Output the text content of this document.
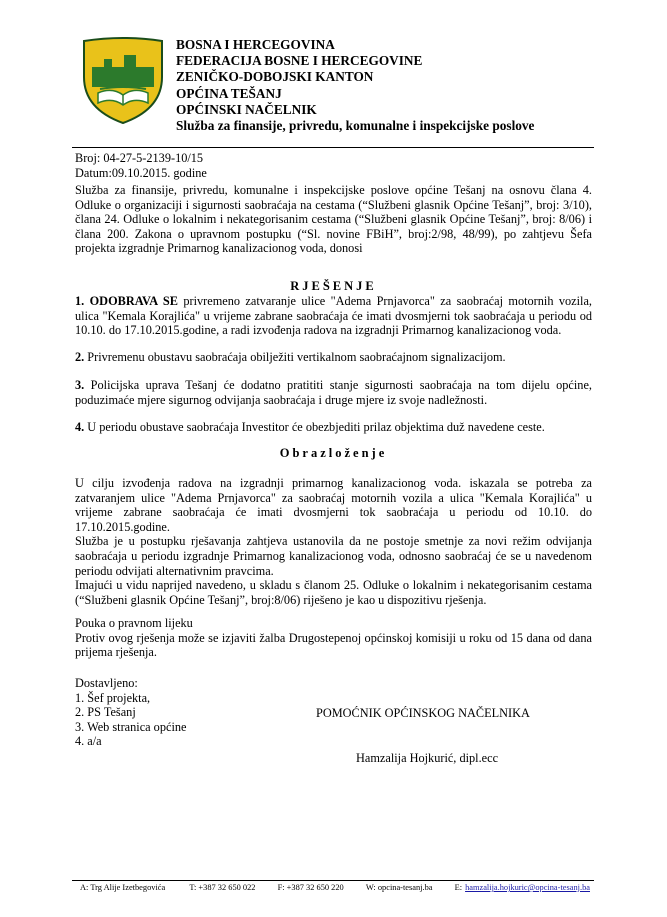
BOSNA I HERCEGOVINA
FEDERACIJA BOSNE I HERCEGOVINE
ZENIČKO-DOBOJSKI KANTON
OPĆINA TEŠANJ
OPĆINSKI NAČELNIK
Služba za finansije, privredu, komunalne i inspekcijske poslove
Broj: 04-27-5-2139-10/15
Datum:09.10.2015. godine

Služba za finansije, privredu, komunalne i inspekcijske poslove općine Tešanj na osnovu člana 4. Odluke o organizaciji i sigurnosti saobraćaja na cestama (“Službeni glasnik Općine Tešanj”, broj: 3/10), člana 24. Odluke o lokalnim i nekategorisanim cestama (“Službeni glasnik Općine Tešanj”, broj: 8/06) i člana 200. Zakona o upravnom postupku (“Sl. novine FBiH”, broj:2/98, 48/99), po zahtjevu Šefa projekta izgradnje Primarnog kanalizacionog voda, donosi

RJEŠENJE

1. ODOBRAVA SE privremeno zatvaranje ulice "Adema Prnjavorca" za saobraćaj motornih vozila, ulica "Kemala Korajlića" u vrijeme zabrane saobraćaja će imati dvosmjerni tok saobraćaja u periodu od 10.10. do 17.10.2015.godine, a radi izvođenja radova na izgradnji Primarnog kanalizacionog voda.

2. Privremenu obustavu saobraćaja obilježiti vertikalnom saobraćajnom signalizacijom.

3. Policijska uprava Tešanj će dodatno pratititi stanje sigurnosti saobraćaja na tom dijelu općine, poduzimaće mjere sigurnog odvijanja saobraćaja i druge mjere iz svoje nadležnosti.

4. U periodu obustave saobraćaja Investitor će obezbjediti prilaz objektima duž navedene ceste.

Obrazloženje

U cilju izvođenja radova na izgradnji primarnog kanalizacionog voda. iskazala se potreba za zatvaranjem ulice "Adema Prnjavorca" za saobraćaj motornih vozila a ulica "Kemala Korajlića" u vrijeme zabrane saobraćaja će imati dvosmjerni tok saobraćaja u periodu od 10.10. do 17.10.2015.godine.

Služba je u postupku rješavanja zahtjeva ustanovila da ne postoje smetnje za novi režim odvijanja saobraćaja u periodu izgradnje Primarnog kanalizacionog voda, odnosno saobraćaj će se u navedenom periodu odvijati alternativnim pravcima.

Imajući u vidu naprijed navedeno, u skladu s članom 25. Odluke o lokalnim i nekategorisanim cestama (“Službeni glasnik Općine Tešanj”, broj:8/06) riješeno je kao u dispozitivu rješenja.

Pouka o pravnom lijeku

Protiv ovog rješenja može se izjaviti žalba Drugostepenoj općinskoj komisiji u roku od 15 dana od dana prijema rješenja.

Dostavljeno:
1. Šef projekta,
2. PS Tešanj
3. Web stranica općine
4. a/a
POMOĆNIK OPĆINSKOG NAČELNIKA
Hamzalija Hojkurić, dipl.ecc
A: Trg Alije Izetbegovića	T: +387 32 650 022	F: +387 32 650 220	W: opcina-tesanj.ba	E: hamzalija.hojkuric@opcina-tesanj.ba
